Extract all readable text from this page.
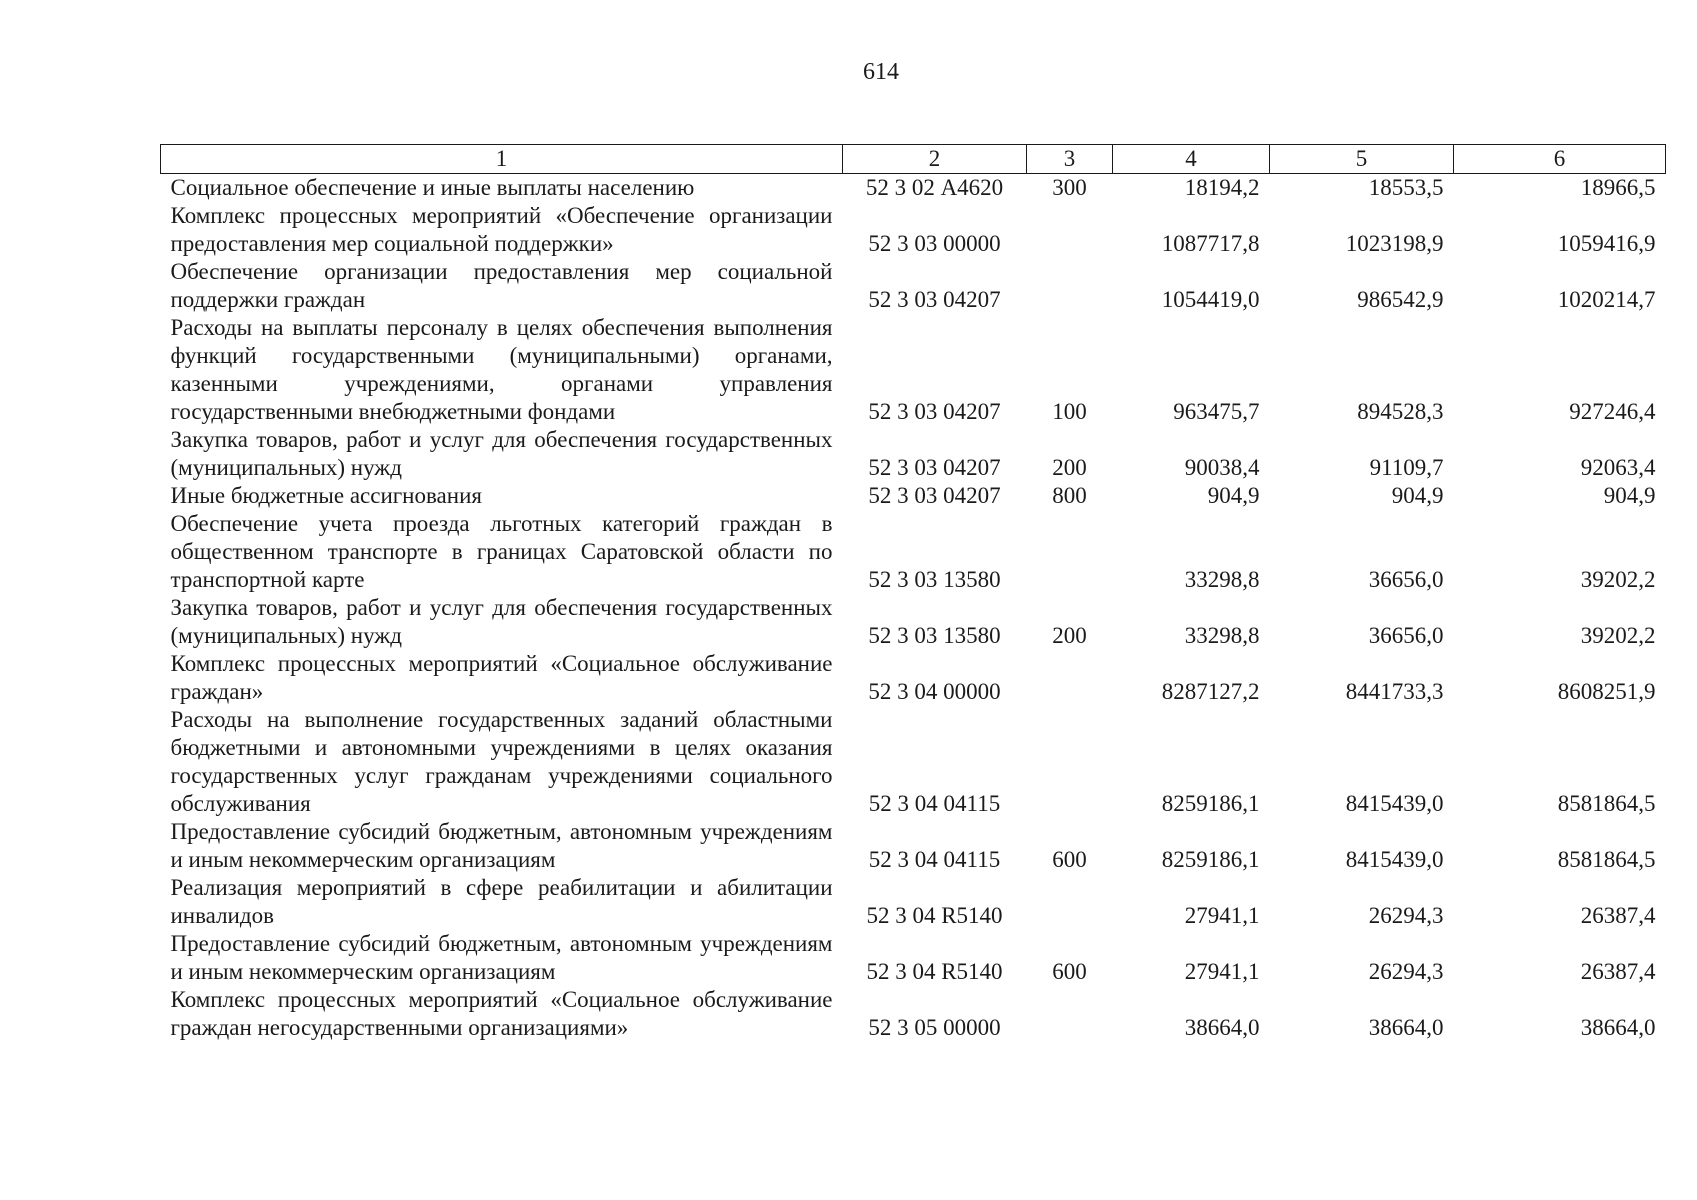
614
1	2	3	4	5	6
Социальное обеспечение и иные выплаты населению	52 3 02 А4620	300	18194,2	18553,5	18966,5
Комплекс процессных мероприятий «Обеспечение организации предоставления мер социальной поддержки»	52 3 03 00000		1087717,8	1023198,9	1059416,9
Обеспечение организации предоставления мер социальной поддержки граждан	52 3 03 04207		1054419,0	986542,9	1020214,7
Расходы на выплаты персоналу в целях обеспечения выполнения функций государственными (муниципальными) органами, казенными учреждениями, органами управления государственными внебюджетными фондами	52 3 03 04207	100	963475,7	894528,3	927246,4
Закупка товаров, работ и услуг для обеспечения государственных (муниципальных) нужд	52 3 03 04207	200	90038,4	91109,7	92063,4
Иные бюджетные ассигнования	52 3 03 04207	800	904,9	904,9	904,9
Обеспечение учета проезда льготных категорий граждан в общественном транспорте в границах Саратовской области по транспортной карте	52 3 03 13580		33298,8	36656,0	39202,2
Закупка товаров, работ и услуг для обеспечения государственных (муниципальных) нужд	52 3 03 13580	200	33298,8	36656,0	39202,2
Комплекс процессных мероприятий «Социальное обслуживание граждан»	52 3 04 00000		8287127,2	8441733,3	8608251,9
Расходы на выполнение государственных заданий областными бюджетными и автономными учреждениями в целях оказания государственных услуг гражданам учреждениями социального обслуживания	52 3 04 04115		8259186,1	8415439,0	8581864,5
Предоставление субсидий бюджетным, автономным учреждениям и иным некоммерческим организациям	52 3 04 04115	600	8259186,1	8415439,0	8581864,5
Реализация мероприятий в сфере реабилитации и абилитации инвалидов	52 3 04 R5140		27941,1	26294,3	26387,4
Предоставление субсидий бюджетным, автономным учреждениям и иным некоммерческим организациям	52 3 04 R5140	600	27941,1	26294,3	26387,4
Комплекс процессных мероприятий «Социальное обслуживание граждан негосударственными организациями»	52 3 05 00000		38664,0	38664,0	38664,0
